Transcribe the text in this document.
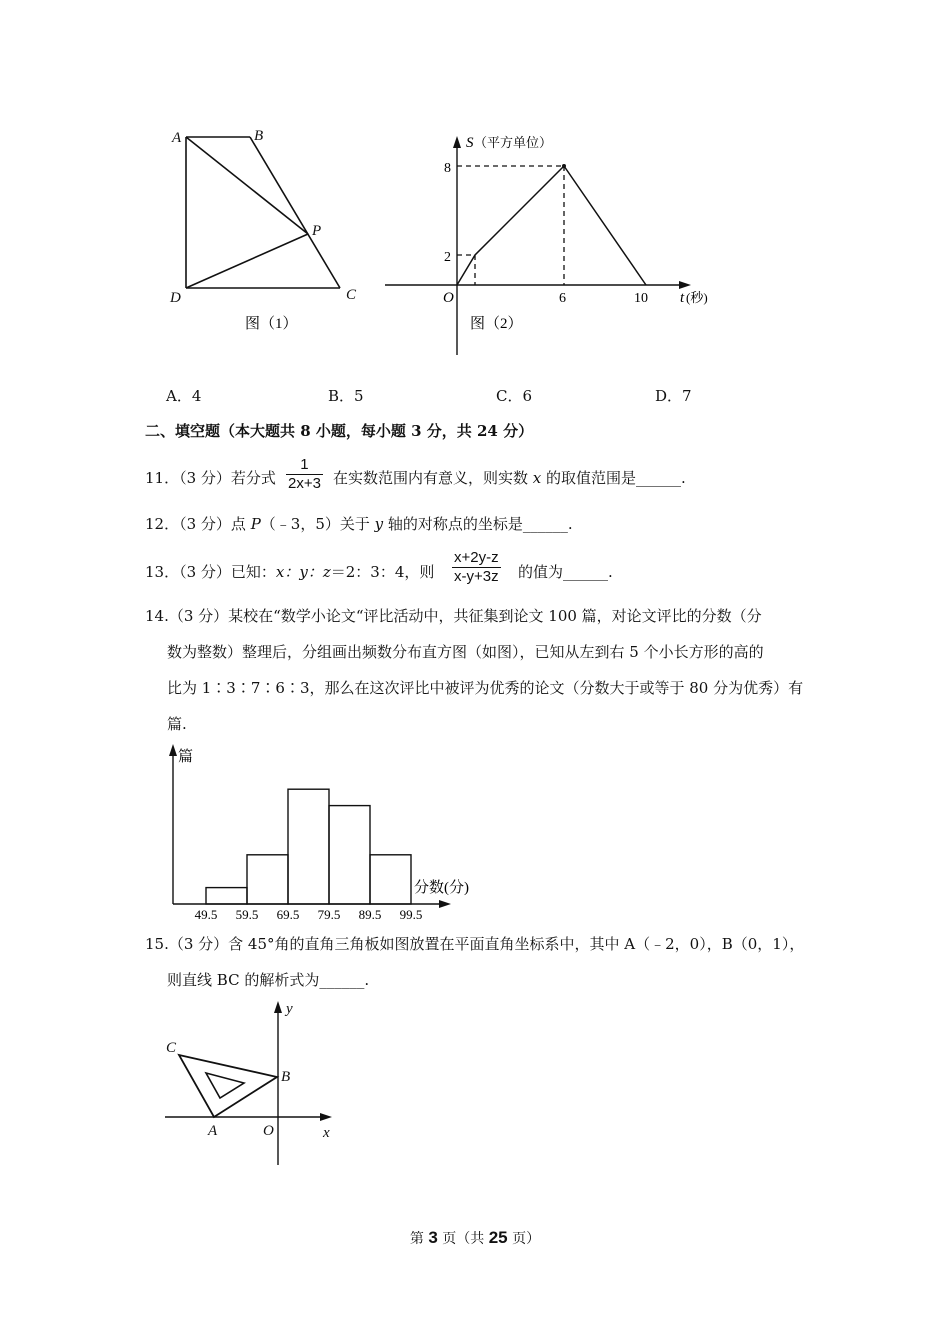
A	B
P
D	C
图（1）
S （平方单位）
8
2
O	6	10 t (秒)
图（2）
A．4	B．5	C．6	D．7
二、填空题（本大题共 8 小题，每小题 3 分，共 24 分）
11．（3 分）若分式
1
2x+3 在实数范围内有意义，则实数 x 的取值范围是______.
12．（3 分）点 P（﹣3，5）关于 y 轴的对称点的坐标是______.
13．（3 分）已知：x：y：z＝2：3：4，则
x+2y-z
x-y+3z 的值为______.
14.（3 分）某校在“数学小论文“评比活动中，共征集到论文 100 篇，对论文评比的分数（分
数为整数）整理后，分组画出频数分布直方图（如图），已知从左到右 5 个小长方形的高的
比为 1∶3∶7∶6∶3，那么在这次评比中被评为优秀的论文（分数大于或等于 80 分为优秀）有
篇.
篇
分数(分)
49.5 59.5 69.5 79.5 89.5 99.5
15.（3 分）含 45°角的直角三角板如图放置在平面直角坐标系中，其中 A（﹣2，0），B（0，1），
则直线 BC 的解析式为______.
y
C
B
A	O	x
第 3 页（共 25 页）
